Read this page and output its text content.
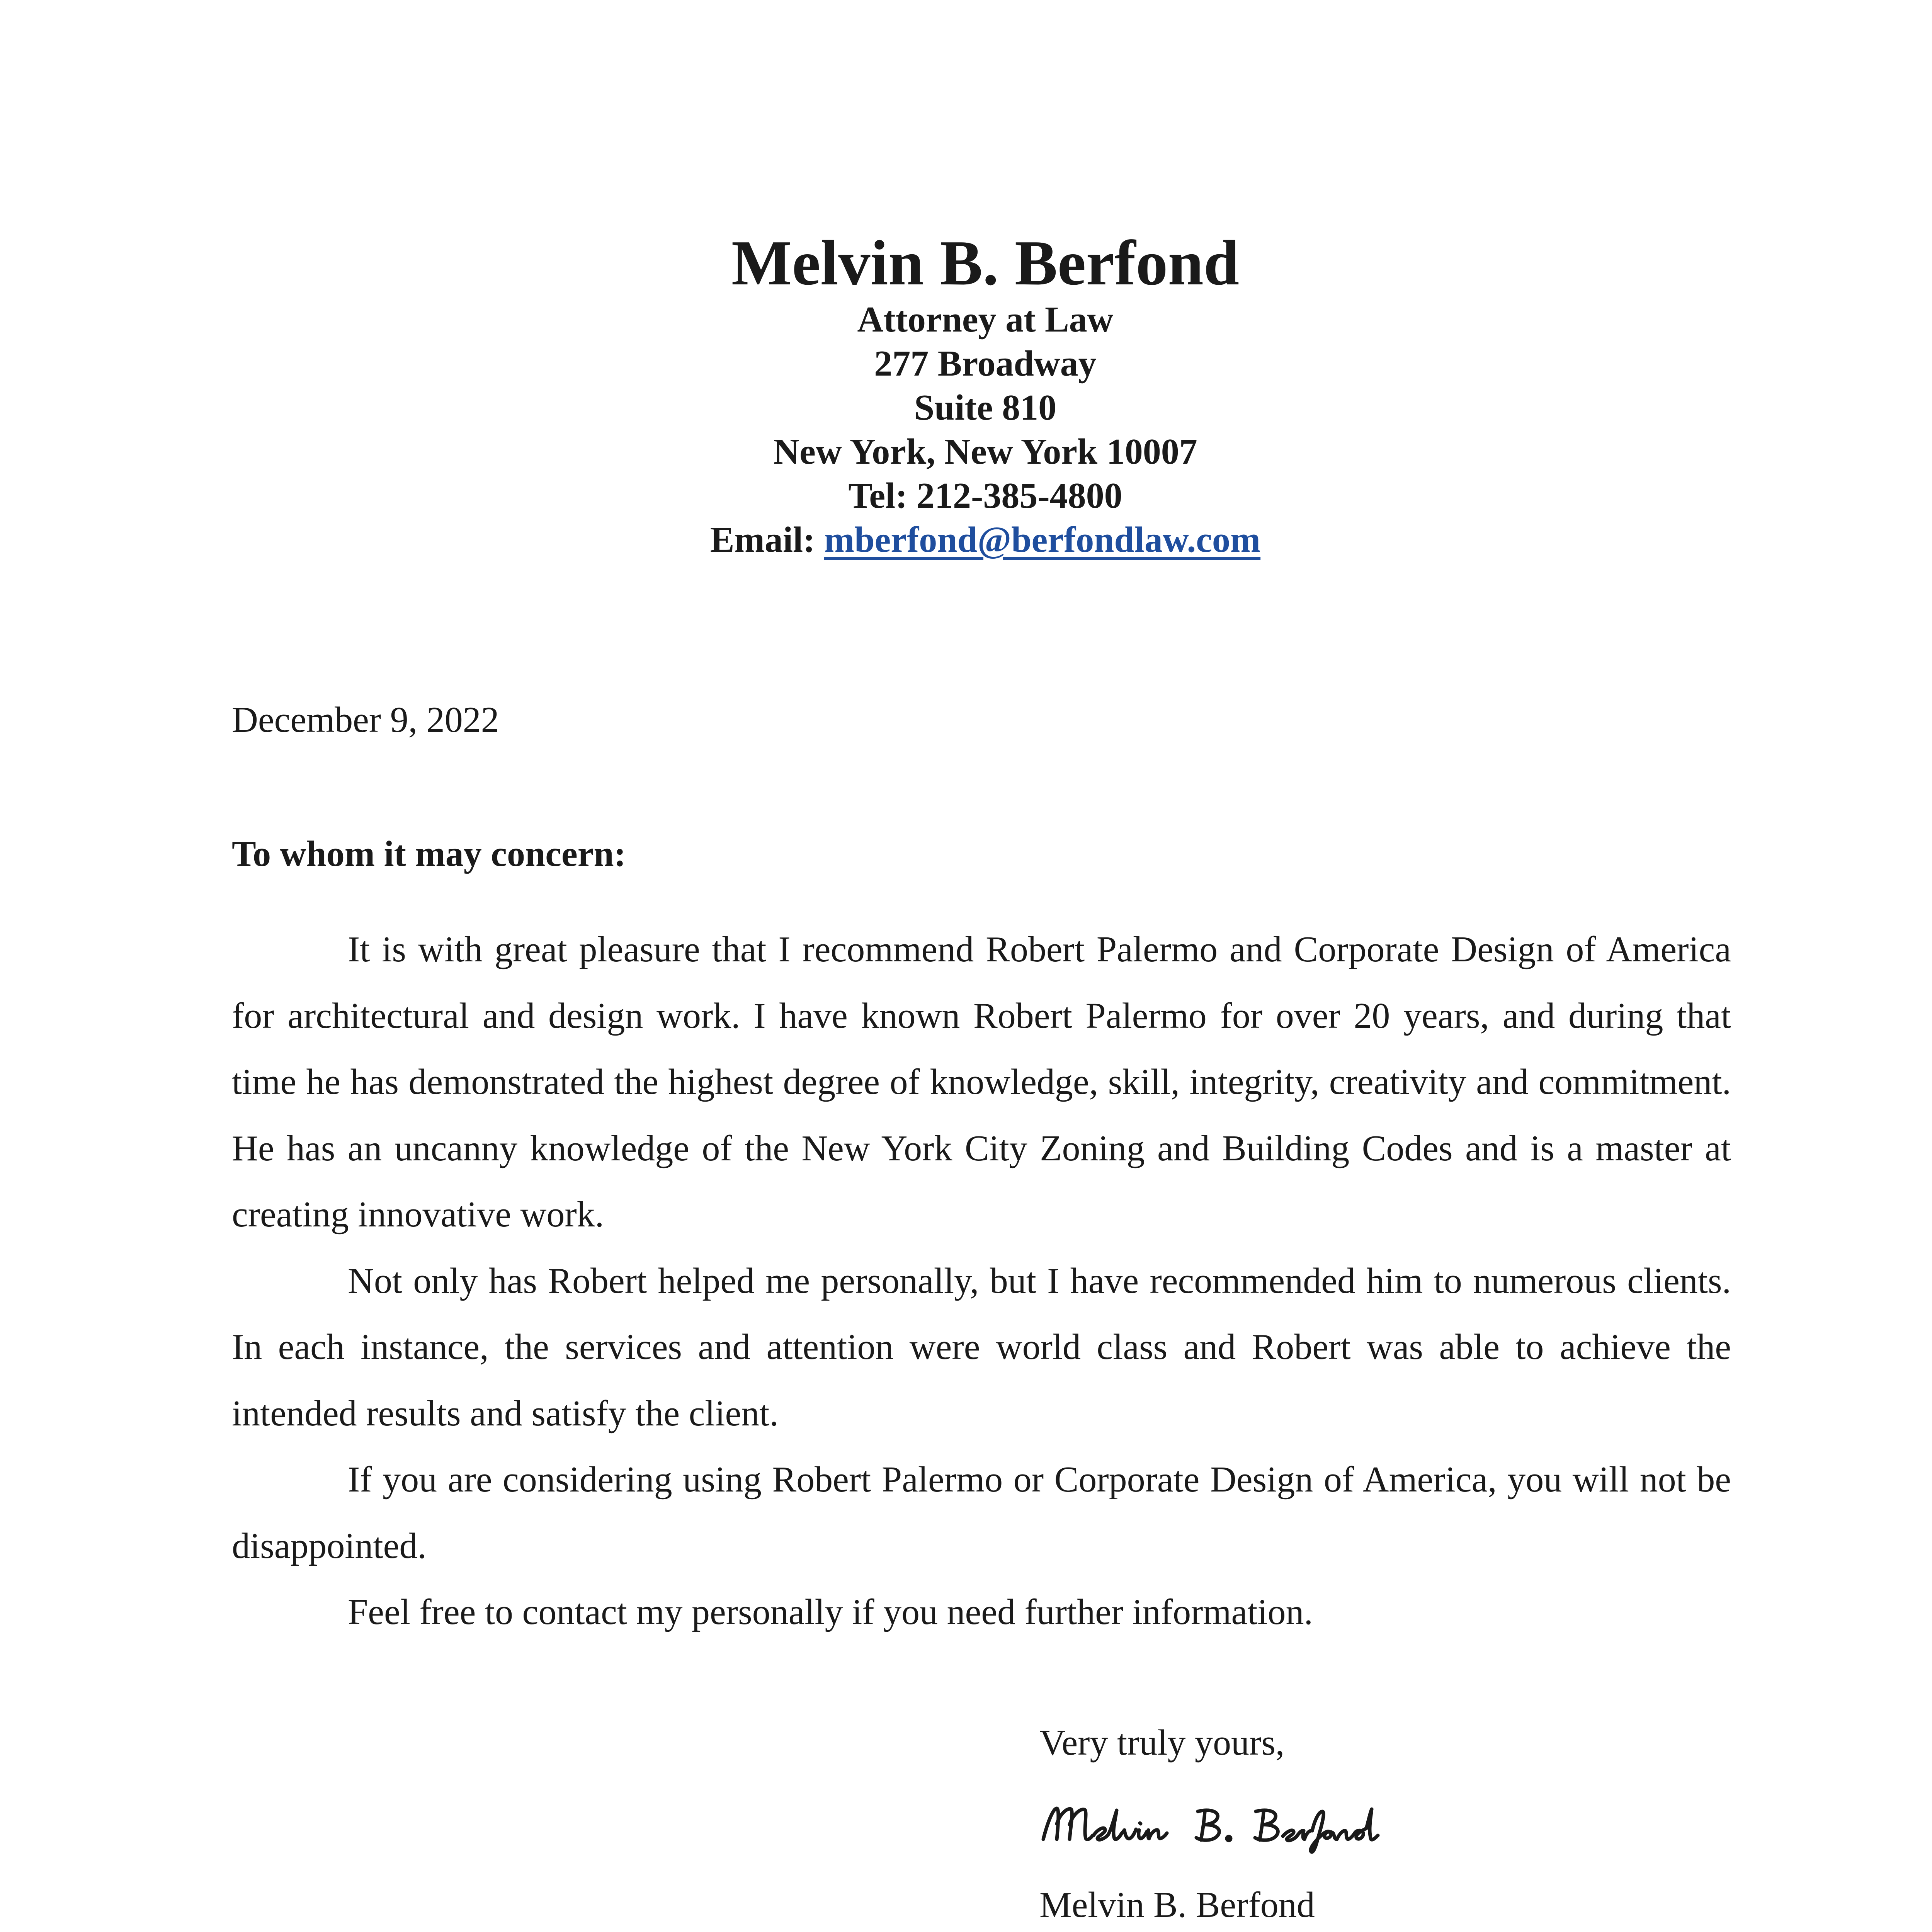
Melvin B. Berfond
Attorney at Law
277 Broadway
Suite 810
New York, New York 10007
Tel: 212-385-4800
Email: mberfond@berfondlaw.com
December 9, 2022
To whom it may concern:

It is with great pleasure that I recommend Robert Palermo and Corporate Design of America for architectural and design work. I have known Robert Palermo for over 20 years, and during that time he has demonstrated the highest degree of knowledge, skill, integrity, creativity and commitment. He has an uncanny knowledge of the New York City Zoning and Building Codes and is a master at creating innovative work.

Not only has Robert helped me personally, but I have recommended him to numerous clients. In each instance, the services and attention were world class and Robert was able to achieve the intended results and satisfy the client.

If you are considering using Robert Palermo or Corporate Design of America, you will not be disappointed.

Feel free to contact my personally if you need further information.

Very truly yours,
Melvin B. Berfond
